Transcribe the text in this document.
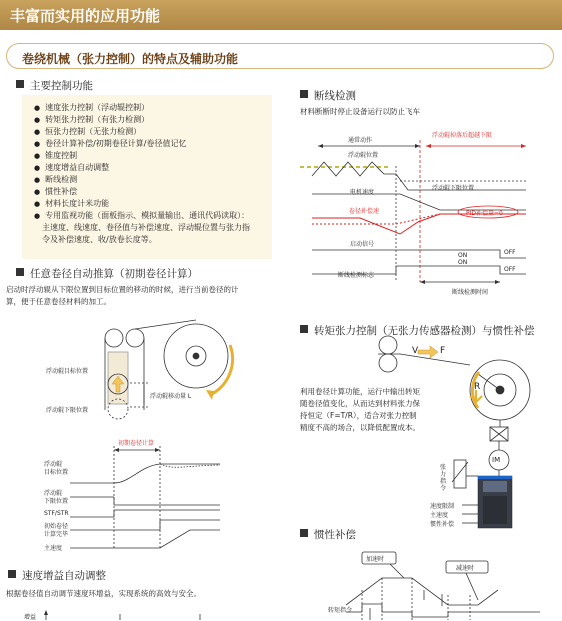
丰富而实用的应用功能
卷绕机械（张力控制）的特点及辅助功能
主要控制功能
● 速度张力控制（浮动辊控制）
● 转矩张力控制（有张力检测）
● 恒张力控制（无张力检测）
● 卷径计算补偿/初期卷径计算/卷径值记忆
● 锥度控制
● 速度增益自动调整
● 断线检测
● 惯性补偿
● 材料长度计米功能
● 专用监视功能（面板指示、模拟量输出、通讯代码读取）：
主速度、线速度、卷径值与补偿速度、浮动辊位置与张力指
令及补偿速度、收/放卷长度等。
任意卷径自动推算（初期卷径计算）
启动时浮动辊从下限位置到目标位置的移动的时候，进行当前卷径的计
算，便于任意卷径材料的加工。
浮动辊目标位置
浮动辊下限位置
浮动辊移动量 L
初期卷径计算
浮动辊
目标位置
浮动辊
下限位置
STF/STR
初始卷径
计算完毕
主速度
速度增益自动调整
根据卷径值自动调节速度环增益，实现系统的高效与安全。
增益
断线检测
材料断断时停止设备运行以防止飞车
通常动作
浮动辊掉落后超越下限
浮动辊位置
浮动辊下限位置
电机速度
卷径补偿速	PID补偿量=0
启动信号
ON	OFF
断线检测标志
ON
OFF
断线检测时间
转矩张力控制（无张力传感器检测）与惯性补偿
V F
R
IM
利用卷径计算功能，运行中输出转矩
随卷径值变化，从而达到材料张力保
持恒定（F=T/R），适合对张力控制
精度不高的场合，以降低配置成本。
张力指令
速度限制
主速度
惯性补偿
惯性补偿
加速时
减速时
转矩指令
